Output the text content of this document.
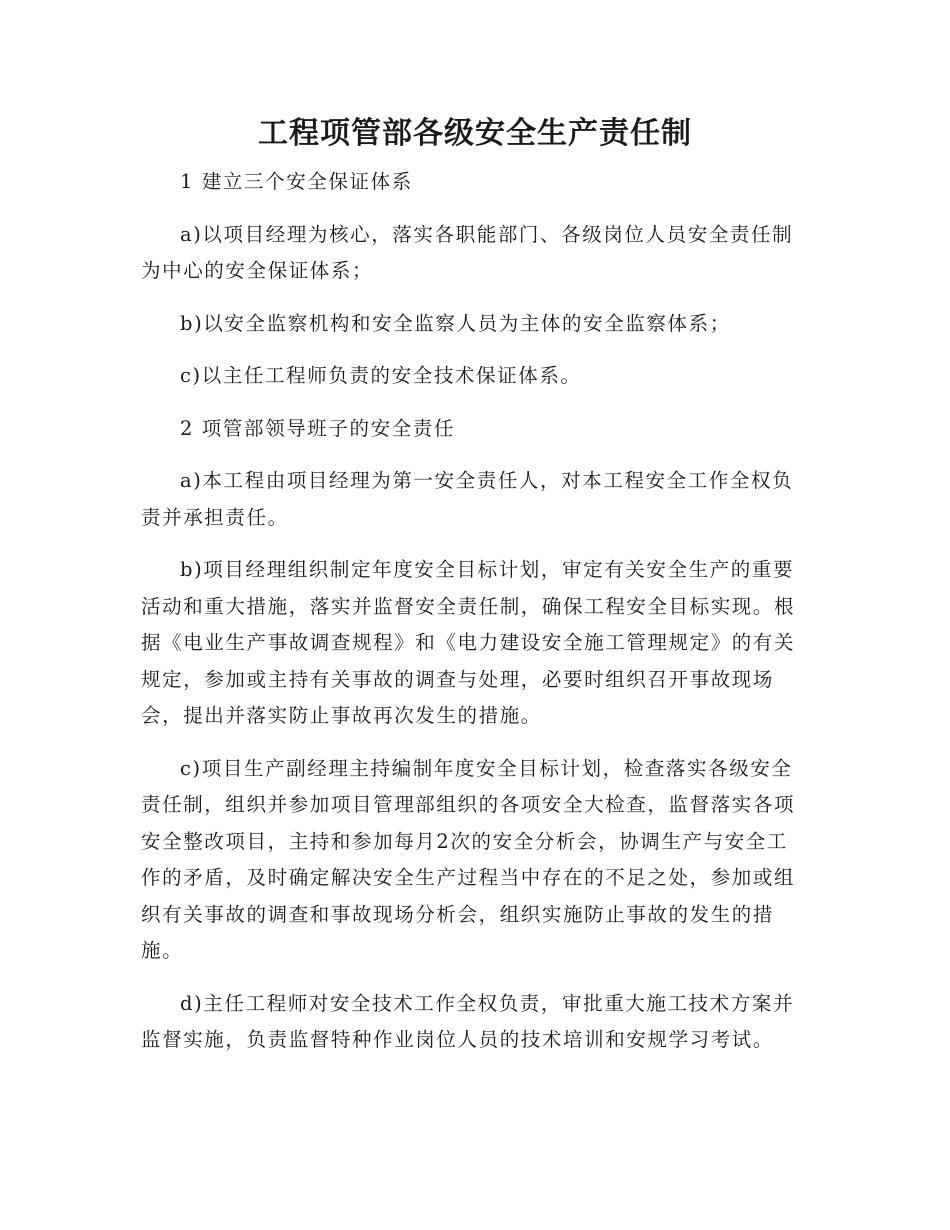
工程项管部各级安全生产责任制

1 建立三个安全保证体系

a)以项目经理为核心，落实各职能部门、各级岗位人员安全责任制为中心的安全保证体系；

b)以安全监察机构和安全监察人员为主体的安全监察体系；

c)以主任工程师负责的安全技术保证体系。

2 项管部领导班子的安全责任

a)本工程由项目经理为第一安全责任人，对本工程安全工作全权负责并承担责任。

b)项目经理组织制定年度安全目标计划，审定有关安全生产的重要活动和重大措施，落实并监督安全责任制，确保工程安全目标实现。根据《电业生产事故调查规程》和《电力建设安全施工管理规定》的有关规定，参加或主持有关事故的调查与处理，必要时组织召开事故现场会，提出并落实防止事故再次发生的措施。

c)项目生产副经理主持编制年度安全目标计划，检查落实各级安全责任制，组织并参加项目管理部组织的各项安全大检查，监督落实各项安全整改项目，主持和参加每月2次的安全分析会，协调生产与安全工作的矛盾，及时确定解决安全生产过程当中存在的不足之处，参加或组织有关事故的调查和事故现场分析会，组织实施防止事故的发生的措施。

d)主任工程师对安全技术工作全权负责，审批重大施工技术方案并监督实施，负责监督特种作业岗位人员的技术培训和安规学习考试。
